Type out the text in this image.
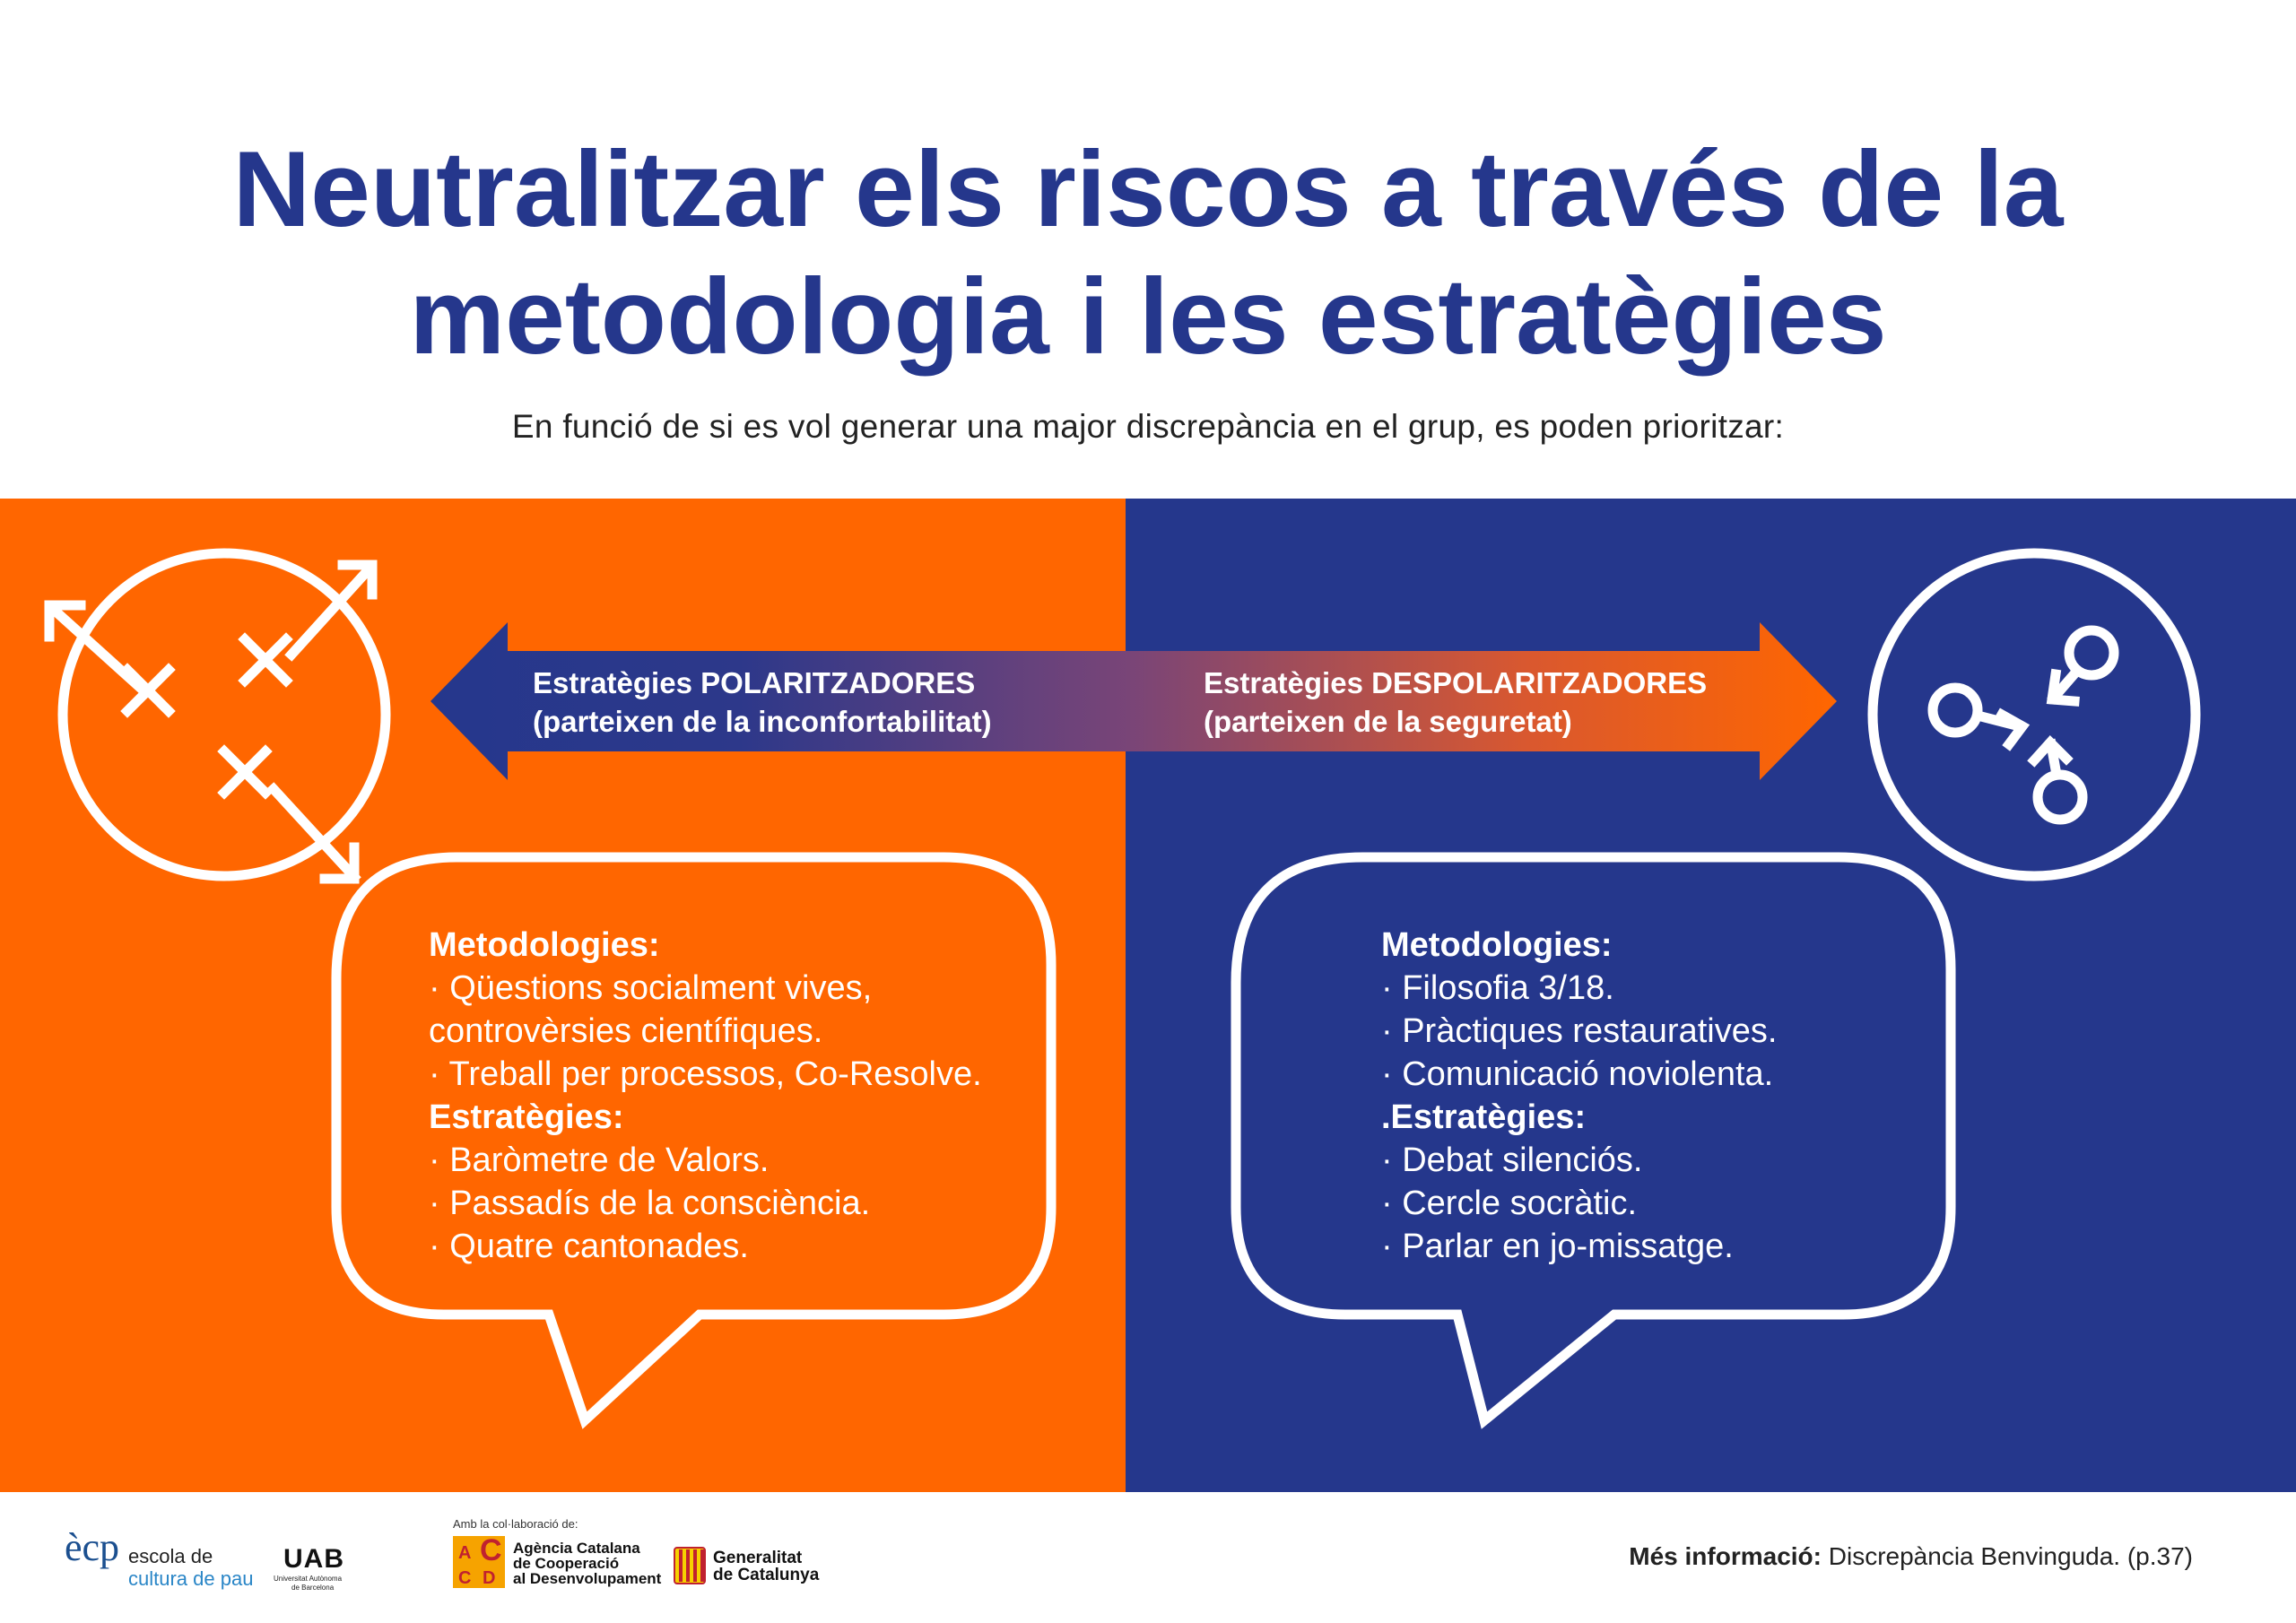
Neutralitzar els riscos a través de la
metodologia i les estratègies
En funció de si es vol generar una major discrepància en el grup, es poden prioritzar:
A C
C D
Estratègies POLARITZADORES
(parteixen de la inconfortabilitat)
Estratègies DESPOLARITZADORES
(parteixen de la seguretat)
Metodologies:
· Qüestions socialment vives,
controvèrsies científiques.
· Treball per processos, Co-Resolve.
Estratègies:
· Baròmetre de Valors.
· Passadís de la consciència.
· Quatre cantonades.
Metodologies:
· Filosofia 3/18.
· Pràctiques restauratives.
· Comunicació noviolenta.
.Estratègies:
· Debat silenciós.
· Cercle socràtic.
· Parlar en jo-missatge.
ècp escola de
cultura de pau
UAB
Universitat Autònoma
de Barcelona
Amb la col·laboració de:
Agència Catalana
de Cooperació
al Desenvolupament
Generalitat
de Catalunya
Més informació: Discrepància Benvinguda. (p.37)
